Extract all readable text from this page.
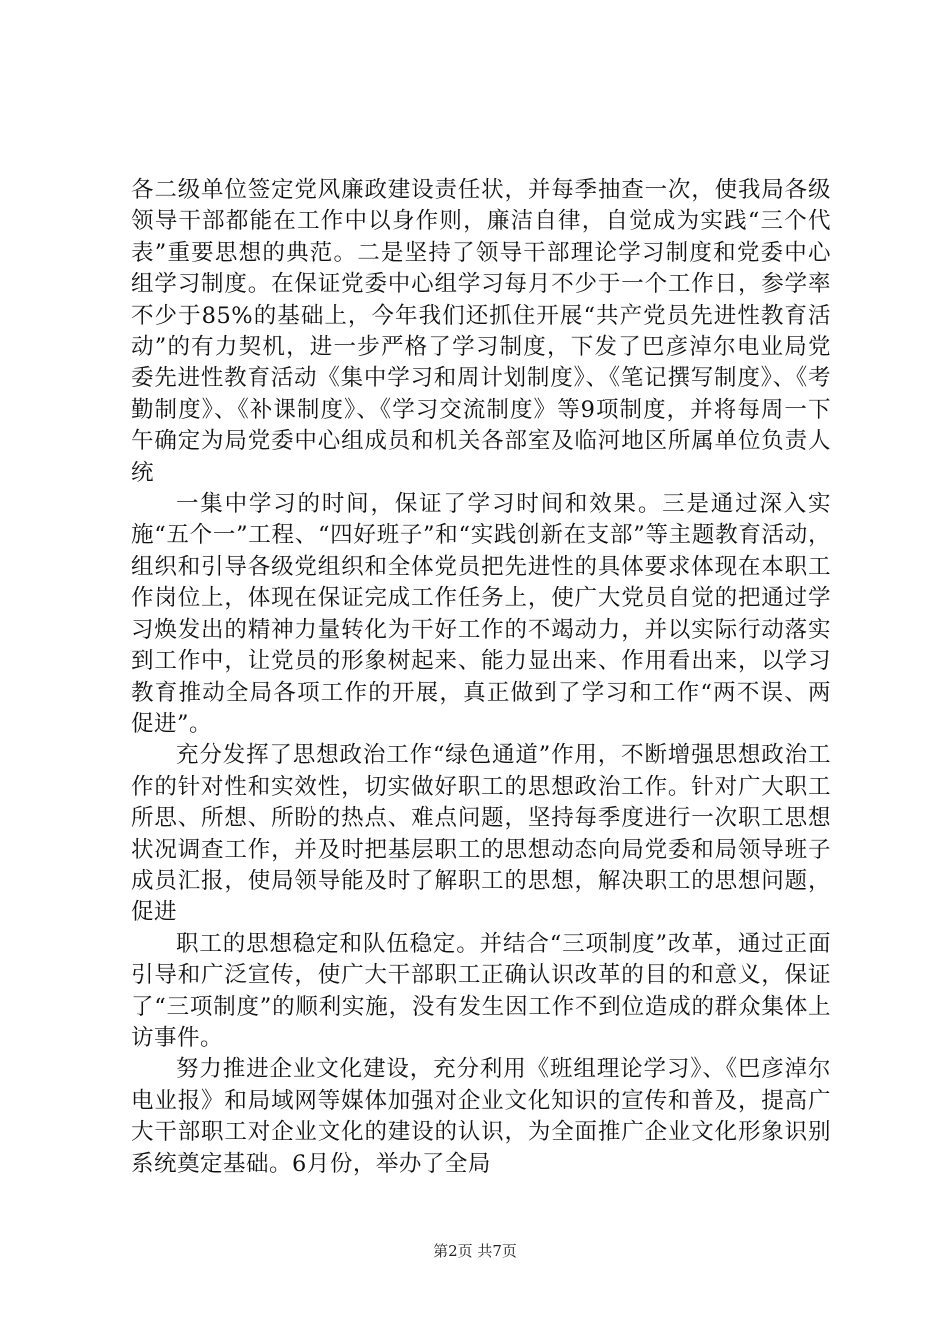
各二级单位签定党风廉政建设责任状，并每季抽查一次，使我局各级领导干部都能在工作中以身作则，廉洁自律，自觉成为实践“三个代表”重要思想的典范。二是坚持了领导干部理论学习制度和党委中心组学习制度。在保证党委中心组学习每月不少于一个工作日，参学率不少于85%的基础上，今年我们还抓住开展“共产党员先进性教育活动”的有力契机，进一步严格了学习制度，下发了巴彦淖尔电业局党委先进性教育活动《集中学习和周计划制度》、《笔记撰写制度》、《考勤制度》、《补课制度》、《学习交流制度》等9项制度，并将每周一下午确定为局党委中心组成员和机关各部室及临河地区所属单位负责人统

一集中学习的时间，保证了学习时间和效果。三是通过深入实施“五个一”工程、“四好班子”和“实践创新在支部”等主题教育活动，组织和引导各级党组织和全体党员把先进性的具体要求体现在本职工作岗位上，体现在保证完成工作任务上，使广大党员自觉的把通过学习焕发出的精神力量转化为干好工作的不竭动力，并以实际行动落实到工作中，让党员的形象树起来、能力显出来、作用看出来，以学习教育推动全局各项工作的开展，真正做到了学习和工作“两不误、两促进”。

充分发挥了思想政治工作“绿色通道”作用，不断增强思想政治工作的针对性和实效性，切实做好职工的思想政治工作。针对广大职工所思、所想、所盼的热点、难点问题，坚持每季度进行一次职工思想状况调查工作，并及时把基层职工的思想动态向局党委和局领导班子成员汇报，使局领导能及时了解职工的思想，解决职工的思想问题，促进

职工的思想稳定和队伍稳定。并结合“三项制度”改革，通过正面引导和广泛宣传，使广大干部职工正确认识改革的目的和意义，保证了“三项制度”的顺利实施，没有发生因工作不到位造成的群众集体上访事件。

努力推进企业文化建设，充分利用《班组理论学习》、《巴彦淖尔电业报》和局域网等媒体加强对企业文化知识的宣传和普及，提高广大干部职工对企业文化的建设的认识，为全面推广企业文化形象识别系统奠定基础。6月份，举办了全局

第2页 共7页
